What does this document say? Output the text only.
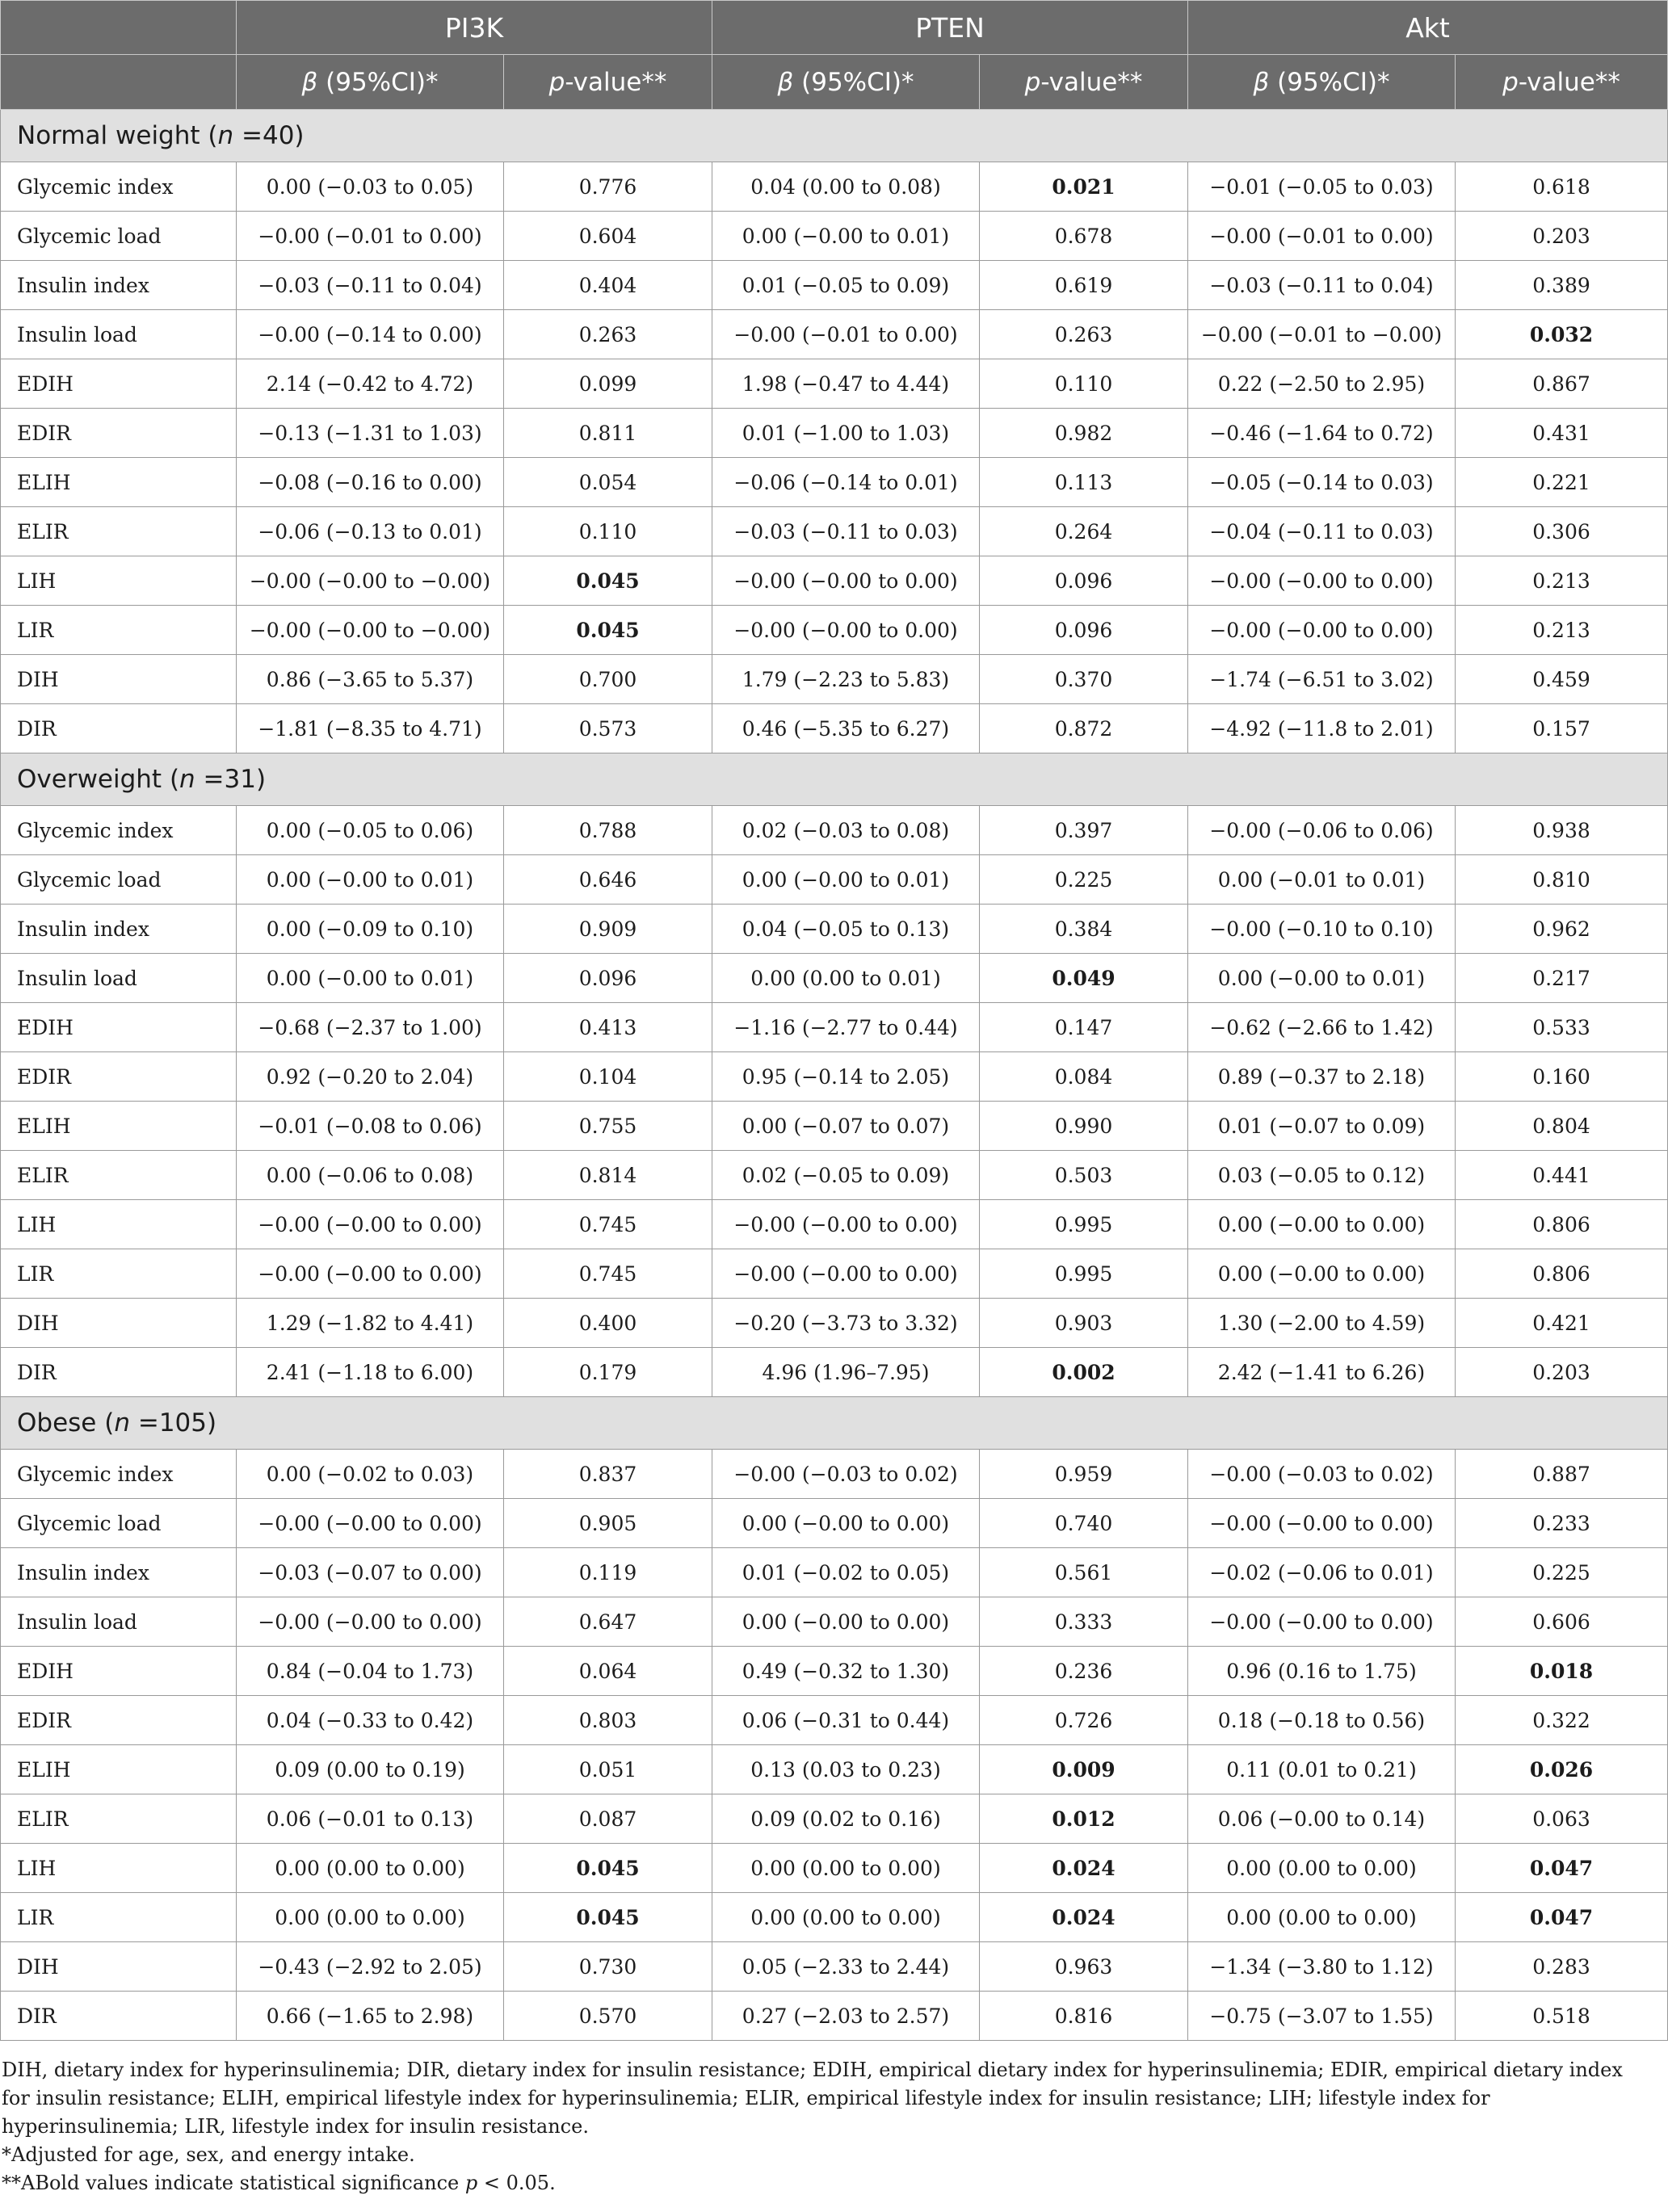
	PI3K		PTEN		Akt	
	β (95%CI)*	p-value**	β (95%CI)*	p-value**	β (95%CI)*	p-value**
Normal weight (n =40)						
Glycemic index	0.00 (−0.03 to 0.05)	0.776	0.04 (0.00 to 0.08)	0.021	−0.01 (−0.05 to 0.03)	0.618
Glycemic load	−0.00 (−0.01 to 0.00)	0.604	0.00 (−0.00 to 0.01)	0.678	−0.00 (−0.01 to 0.00)	0.203
Insulin index	−0.03 (−0.11 to 0.04)	0.404	0.01 (−0.05 to 0.09)	0.619	−0.03 (−0.11 to 0.04)	0.389
Insulin load	−0.00 (−0.14 to 0.00)	0.263	−0.00 (−0.01 to 0.00)	0.263	−0.00 (−0.01 to −0.00)	0.032
EDIH	2.14 (−0.42 to 4.72)	0.099	1.98 (−0.47 to 4.44)	0.110	0.22 (−2.50 to 2.95)	0.867
EDIR	−0.13 (−1.31 to 1.03)	0.811	0.01 (−1.00 to 1.03)	0.982	−0.46 (−1.64 to 0.72)	0.431
ELIH	−0.08 (−0.16 to 0.00)	0.054	−0.06 (−0.14 to 0.01)	0.113	−0.05 (−0.14 to 0.03)	0.221
ELIR	−0.06 (−0.13 to 0.01)	0.110	−0.03 (−0.11 to 0.03)	0.264	−0.04 (−0.11 to 0.03)	0.306
LIH	−0.00 (−0.00 to −0.00)	0.045	−0.00 (−0.00 to 0.00)	0.096	−0.00 (−0.00 to 0.00)	0.213
LIR	−0.00 (−0.00 to −0.00)	0.045	−0.00 (−0.00 to 0.00)	0.096	−0.00 (−0.00 to 0.00)	0.213
DIH	0.86 (−3.65 to 5.37)	0.700	1.79 (−2.23 to 5.83)	0.370	−1.74 (−6.51 to 3.02)	0.459
DIR	−1.81 (−8.35 to 4.71)	0.573	0.46 (−5.35 to 6.27)	0.872	−4.92 (−11.8 to 2.01)	0.157
Overweight (n =31)						
Glycemic index	0.00 (−0.05 to 0.06)	0.788	0.02 (−0.03 to 0.08)	0.397	−0.00 (−0.06 to 0.06)	0.938
Glycemic load	0.00 (−0.00 to 0.01)	0.646	0.00 (−0.00 to 0.01)	0.225	0.00 (−0.01 to 0.01)	0.810
Insulin index	0.00 (−0.09 to 0.10)	0.909	0.04 (−0.05 to 0.13)	0.384	−0.00 (−0.10 to 0.10)	0.962
Insulin load	0.00 (−0.00 to 0.01)	0.096	0.00 (0.00 to 0.01)	0.049	0.00 (−0.00 to 0.01)	0.217
EDIH	−0.68 (−2.37 to 1.00)	0.413	−1.16 (−2.77 to 0.44)	0.147	−0.62 (−2.66 to 1.42)	0.533
EDIR	0.92 (−0.20 to 2.04)	0.104	0.95 (−0.14 to 2.05)	0.084	0.89 (−0.37 to 2.18)	0.160
ELIH	−0.01 (−0.08 to 0.06)	0.755	0.00 (−0.07 to 0.07)	0.990	0.01 (−0.07 to 0.09)	0.804
ELIR	0.00 (−0.06 to 0.08)	0.814	0.02 (−0.05 to 0.09)	0.503	0.03 (−0.05 to 0.12)	0.441
LIH	−0.00 (−0.00 to 0.00)	0.745	−0.00 (−0.00 to 0.00)	0.995	0.00 (−0.00 to 0.00)	0.806
LIR	−0.00 (−0.00 to 0.00)	0.745	−0.00 (−0.00 to 0.00)	0.995	0.00 (−0.00 to 0.00)	0.806
DIH	1.29 (−1.82 to 4.41)	0.400	−0.20 (−3.73 to 3.32)	0.903	1.30 (−2.00 to 4.59)	0.421
DIR	2.41 (−1.18 to 6.00)	0.179	4.96 (1.96–7.95)	0.002	2.42 (−1.41 to 6.26)	0.203
Obese (n =105)						
Glycemic index	0.00 (−0.02 to 0.03)	0.837	−0.00 (−0.03 to 0.02)	0.959	−0.00 (−0.03 to 0.02)	0.887
Glycemic load	−0.00 (−0.00 to 0.00)	0.905	0.00 (−0.00 to 0.00)	0.740	−0.00 (−0.00 to 0.00)	0.233
Insulin index	−0.03 (−0.07 to 0.00)	0.119	0.01 (−0.02 to 0.05)	0.561	−0.02 (−0.06 to 0.01)	0.225
Insulin load	−0.00 (−0.00 to 0.00)	0.647	0.00 (−0.00 to 0.00)	0.333	−0.00 (−0.00 to 0.00)	0.606
EDIH	0.84 (−0.04 to 1.73)	0.064	0.49 (−0.32 to 1.30)	0.236	0.96 (0.16 to 1.75)	0.018
EDIR	0.04 (−0.33 to 0.42)	0.803	0.06 (−0.31 to 0.44)	0.726	0.18 (−0.18 to 0.56)	0.322
ELIH	0.09 (0.00 to 0.19)	0.051	0.13 (0.03 to 0.23)	0.009	0.11 (0.01 to 0.21)	0.026
ELIR	0.06 (−0.01 to 0.13)	0.087	0.09 (0.02 to 0.16)	0.012	0.06 (−0.00 to 0.14)	0.063
LIH	0.00 (0.00 to 0.00)	0.045	0.00 (0.00 to 0.00)	0.024	0.00 (0.00 to 0.00)	0.047
LIR	0.00 (0.00 to 0.00)	0.045	0.00 (0.00 to 0.00)	0.024	0.00 (0.00 to 0.00)	0.047
DIH	−0.43 (−2.92 to 2.05)	0.730	0.05 (−2.33 to 2.44)	0.963	−1.34 (−3.80 to 1.12)	0.283
DIR	0.66 (−1.65 to 2.98)	0.570	0.27 (−2.03 to 2.57)	0.816	−0.75 (−3.07 to 1.55)	0.518

DIH, dietary index for hyperinsulinemia; DIR, dietary index for insulin resistance; EDIH, empirical dietary index for hyperinsulinemia; EDIR, empirical dietary index for insulin resistance; ELIH, empirical lifestyle index for hyperinsulinemia; ELIR, empirical lifestyle index for insulin resistance; LIH; lifestyle index for hyperinsulinemia; LIR, lifestyle index for insulin resistance.

*Adjusted for age, sex, and energy intake.

**ABold values indicate statistical significance p < 0.05.
